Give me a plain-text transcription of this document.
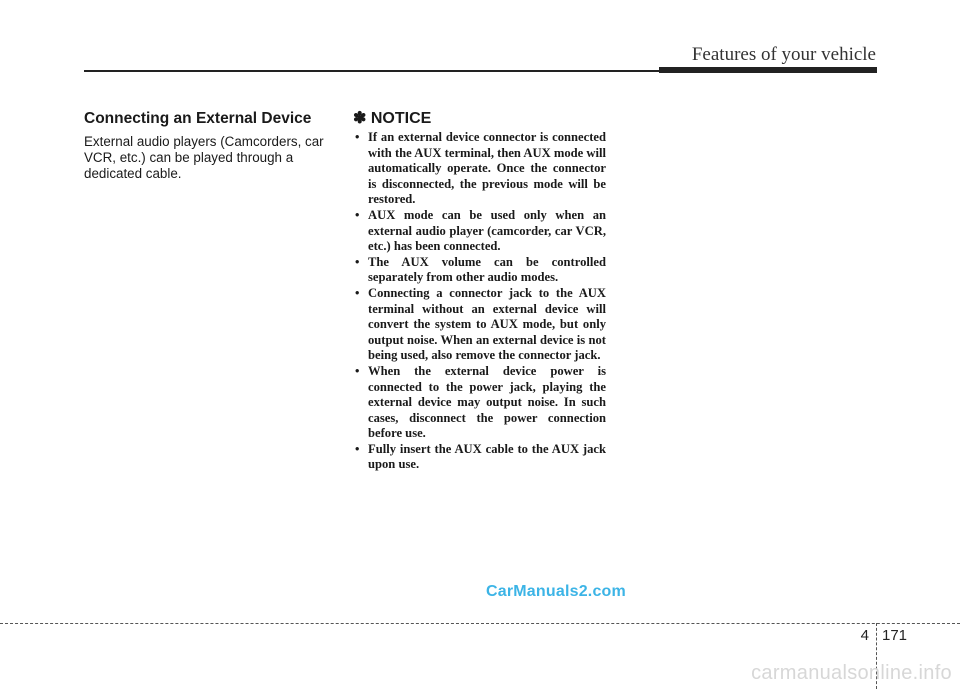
Features of your vehicle
Connecting an External Device

External audio players (Camcorders, car VCR, etc.) can be played through a dedicated cable.

✽ NOTICE
• If an external device connector is connected with the AUX terminal, then AUX mode will automatically operate. Once the connector is disconnected, the previous mode will be restored.
• AUX mode can be used only when an external audio player (camcorder, car VCR, etc.) has been connected.
• The AUX volume can be controlled separately from other audio modes.
• Connecting a connector jack to the AUX terminal without an external device will convert the system to AUX mode, but only output noise. When an external device is not being used, also remove the connector jack.
• When the external device power is connected to the power jack, playing the external device may output noise. In such cases, disconnect the power connection before use.
• Fully insert the AUX cable to the AUX jack upon use.
CarManuals2.com
4 171
carmanualsonline.info
